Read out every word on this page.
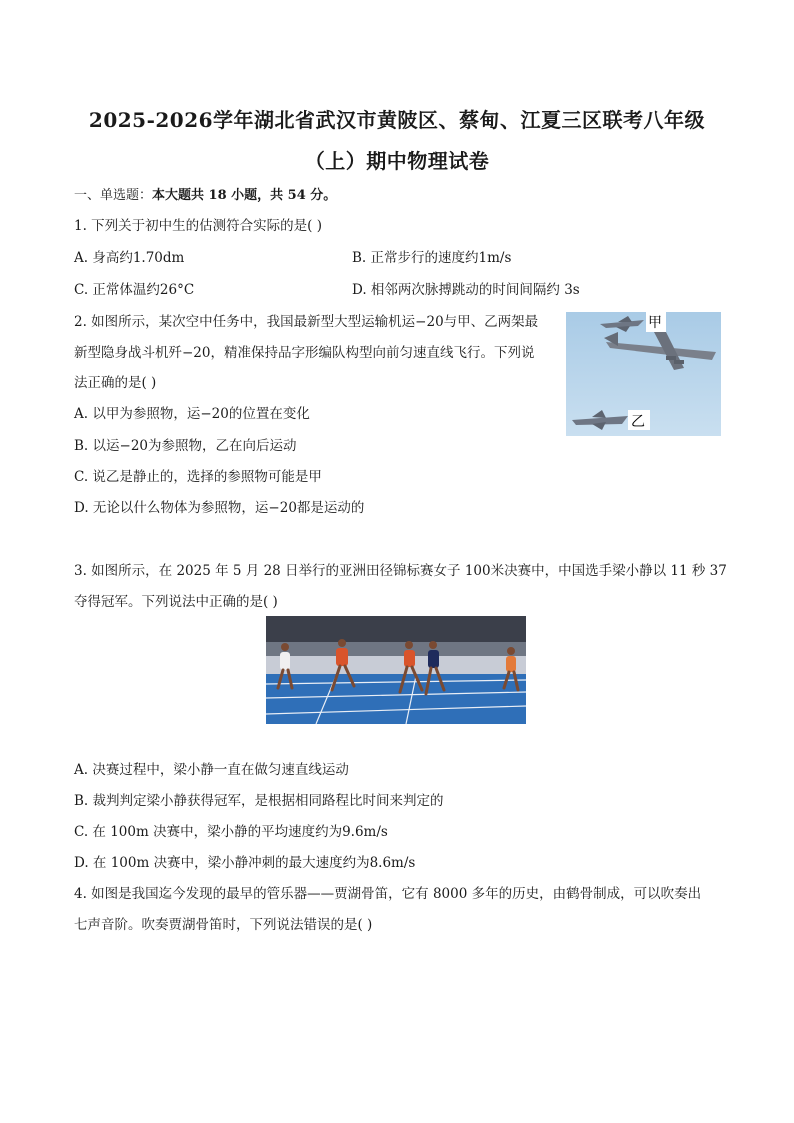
2025-2026学年湖北省武汉市黄陂区、蔡甸、江夏三区联考八年级
（上）期中物理试卷
一、单选题：本大题共 18 小题，共 54 分。
1. 下列关于初中生的估测符合实际的是( )
A. 身高约1.70dm	B. 正常步行的速度约1m/s
C. 正常体温约26°C	D. 相邻两次脉搏跳动的时间间隔约 3s
2. 如图所示，某次空中任务中，我国最新型大型运输机运−20与甲、乙两架最
新型隐身战斗机歼−20，精准保持品字形编队构型向前匀速直线飞行。下列说
法正确的是( )
A. 以甲为参照物，运−20的位置在变化
B. 以运−20为参照物，乙在向后运动
C. 说乙是静止的，选择的参照物可能是甲
D. 无论以什么物体为参照物，运−20都是运动的
甲
乙
3. 如图所示，在 2025 年 5 月 28 日举行的亚洲田径锦标赛女子 100米决赛中，中国选手梁小静以 11 秒 37
夺得冠军。下列说法中正确的是( )
A. 决赛过程中，梁小静一直在做匀速直线运动
B. 裁判判定梁小静获得冠军，是根据相同路程比时间来判定的
C. 在 100m 决赛中，梁小静的平均速度约为9.6m/s
D. 在 100m 决赛中，梁小静冲刺的最大速度约为8.6m/s
4. 如图是我国迄今发现的最早的管乐器——贾湖骨笛，它有 8000 多年的历史，由鹤骨制成，可以吹奏出
七声音阶。吹奏贾湖骨笛时，下列说法错误的是( )
